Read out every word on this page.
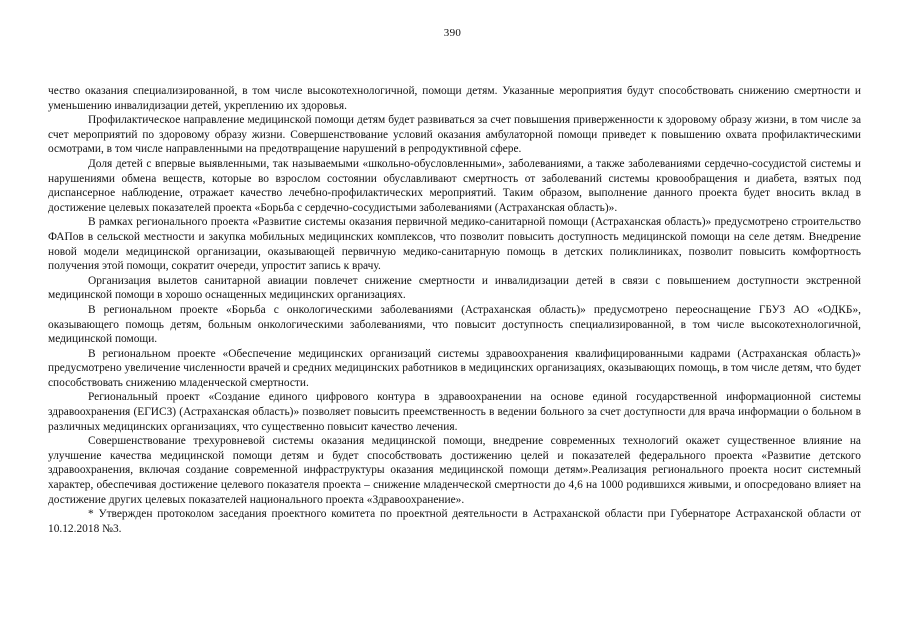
390

чество оказания специализированной, в том числе высокотехнологичной, помощи детям. Указанные мероприятия будут способствовать снижению смертности и уменьшению инвалидизации детей, укреплению их здоровья.

Профилактическое направление медицинской помощи детям будет развиваться за счет повышения приверженности к здоровому образу жизни, в том числе за счет мероприятий по здоровому образу жизни. Совершенствование условий оказания амбулаторной помощи приведет к повышению охвата профилактическими осмотрами, в том числе направленными на предотвращение нарушений в репродуктивной сфере.

Доля детей с впервые выявленными, так называемыми «школьно-обусловленными», заболеваниями, а также заболеваниями сердечно-сосудистой системы и нарушениями обмена веществ, которые во взрослом состоянии обуславливают смертность от заболеваний системы кровообращения и диабета, взятых под диспансерное наблюдение, отражает качество лечебно-профилактических мероприятий. Таким образом, выполнение данного проекта будет вносить вклад в достижение целевых показателей проекта «Борьба с сердечно-сосудистыми заболеваниями (Астраханская область)».

В рамках регионального проекта «Развитие системы оказания первичной медико-санитарной помощи (Астраханская область)» предусмотрено строительство ФАПов в сельской местности и закупка мобильных медицинских комплексов, что позволит повысить доступность медицинской помощи на селе детям. Внедрение новой модели медицинской организации, оказывающей первичную медико-санитарную помощь в детских поликлиниках, позволит повысить комфортность получения этой помощи, сократит очереди, упростит запись к врачу.

Организация вылетов санитарной авиации повлечет снижение смертности и инвалидизации детей в связи с повышением доступности экстренной медицинской помощи в хорошо оснащенных медицинских организациях.

В региональном проекте «Борьба с онкологическими заболеваниями (Астраханская область)» предусмотрено переоснащение ГБУЗ АО «ОДКБ», оказывающего помощь детям, больным онкологическими заболеваниями, что повысит доступность специализированной, в том числе высокотехнологичной, медицинской помощи.

В региональном проекте «Обеспечение медицинских организаций системы здравоохранения квалифицированными кадрами (Астраханская область)» предусмотрено увеличение численности врачей и средних медицинских работников в медицинских организациях, оказывающих помощь, в том числе детям, что будет способствовать снижению младенческой смертности.

Региональный проект «Создание единого цифрового контура в здравоохранении на основе единой государственной информационной системы здравоохранения (ЕГИСЗ) (Астраханская область)» позволяет повысить преемственность в ведении больного за счет доступности для врача информации о больном в различных медицинских организациях, что существенно повысит качество лечения.

Совершенствование трехуровневой системы оказания медицинской помощи, внедрение современных технологий окажет существенное влияние на улучшение качества медицинской помощи детям и будет способствовать достижению целей и показателей федерального проекта «Развитие детского здравоохранения, включая создание современной инфраструктуры оказания медицинской помощи детям».Реализация регионального проекта носит системный характер, обеспечивая достижение целевого показателя проекта – снижение младенческой смертности до 4,6 на 1000 родившихся живыми, и опосредовано влияет на достижение других целевых показателей национального проекта «Здравоохранение».

* Утвержден протоколом заседания проектного комитета по проектной деятельности в Астраханской области при Губернаторе Астраханской области от 10.12.2018 №3.
